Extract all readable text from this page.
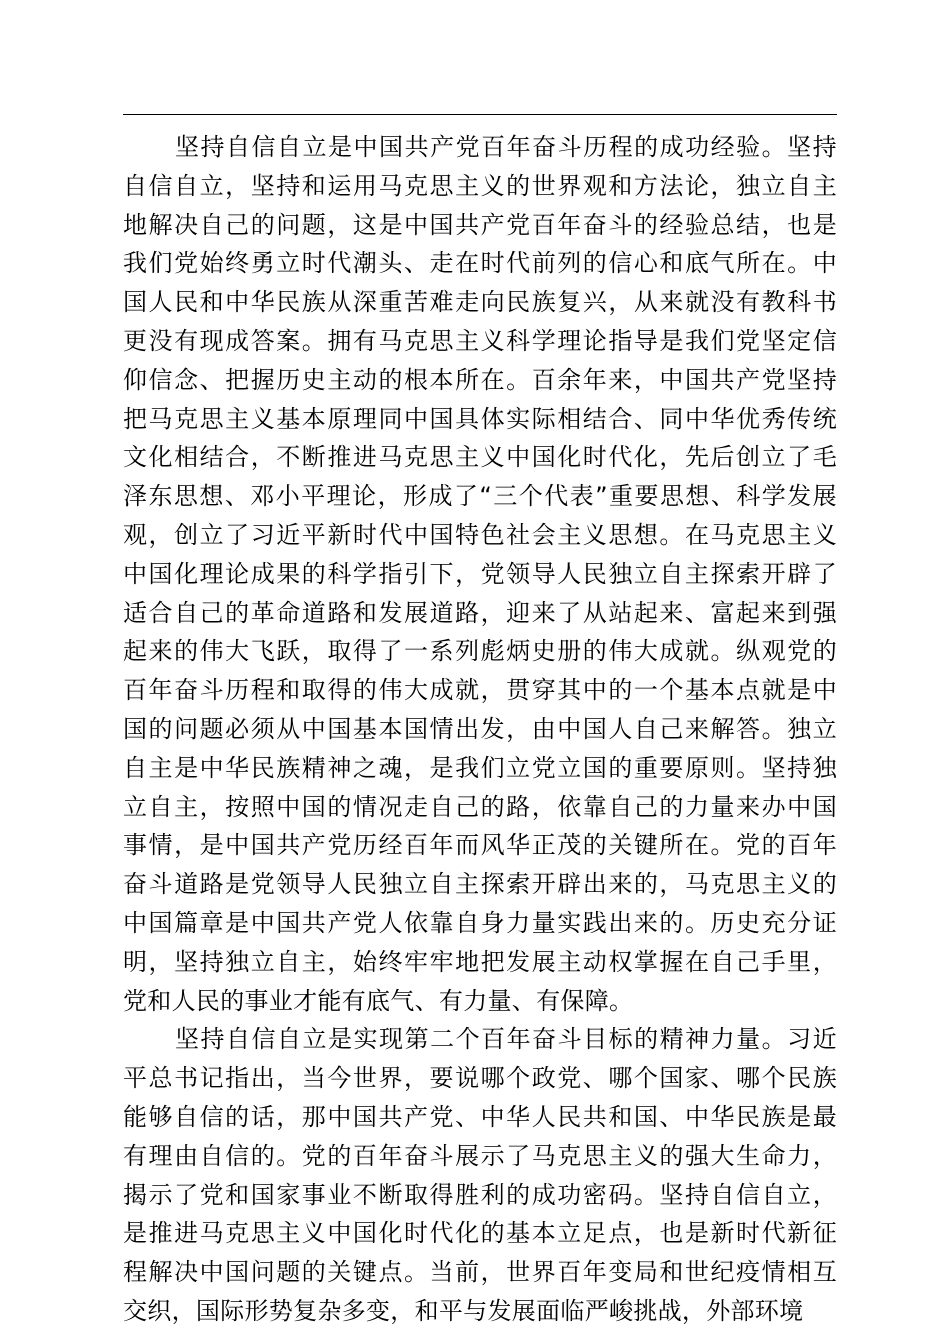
坚持自信自立是中国共产党百年奋斗历程的成功经验。坚持
自信自立，坚持和运用马克思主义的世界观和方法论，独立自主
地解决自己的问题，这是中国共产党百年奋斗的经验总结，也是
我们党始终勇立时代潮头、走在时代前列的信心和底气所在。中
国人民和中华民族从深重苦难走向民族复兴，从来就没有教科书
更没有现成答案。拥有马克思主义科学理论指导是我们党坚定信
仰信念、把握历史主动的根本所在。百余年来，中国共产党坚持
把马克思主义基本原理同中国具体实际相结合、同中华优秀传统
文化相结合，不断推进马克思主义中国化时代化，先后创立了毛
泽东思想、邓小平理论，形成了“三个代表”重要思想、科学发展
观，创立了习近平新时代中国特色社会主义思想。在马克思主义
中国化理论成果的科学指引下，党领导人民独立自主探索开辟了
适合自己的革命道路和发展道路，迎来了从站起来、富起来到强
起来的伟大飞跃，取得了一系列彪炳史册的伟大成就。纵观党的
百年奋斗历程和取得的伟大成就，贯穿其中的一个基本点就是中
国的问题必须从中国基本国情出发，由中国人自己来解答。独立
自主是中华民族精神之魂，是我们立党立国的重要原则。坚持独
立自主，按照中国的情况走自己的路，依靠自己的力量来办中国
事情，是中国共产党历经百年而风华正茂的关键所在。党的百年
奋斗道路是党领导人民独立自主探索开辟出来的，马克思主义的
中国篇章是中国共产党人依靠自身力量实践出来的。历史充分证
明，坚持独立自主，始终牢牢地把发展主动权掌握在自己手里，
党和人民的事业才能有底气、有力量、有保障。
坚持自信自立是实现第二个百年奋斗目标的精神力量。习近
平总书记指出，当今世界，要说哪个政党、哪个国家、哪个民族
能够自信的话，那中国共产党、中华人民共和国、中华民族是最
有理由自信的。党的百年奋斗展示了马克思主义的强大生命力，
揭示了党和国家事业不断取得胜利的成功密码。坚持自信自立，
是推进马克思主义中国化时代化的基本立足点，也是新时代新征
程解决中国问题的关键点。当前，世界百年变局和世纪疫情相互
交织，国际形势复杂多变，和平与发展面临严峻挑战，外部环境
